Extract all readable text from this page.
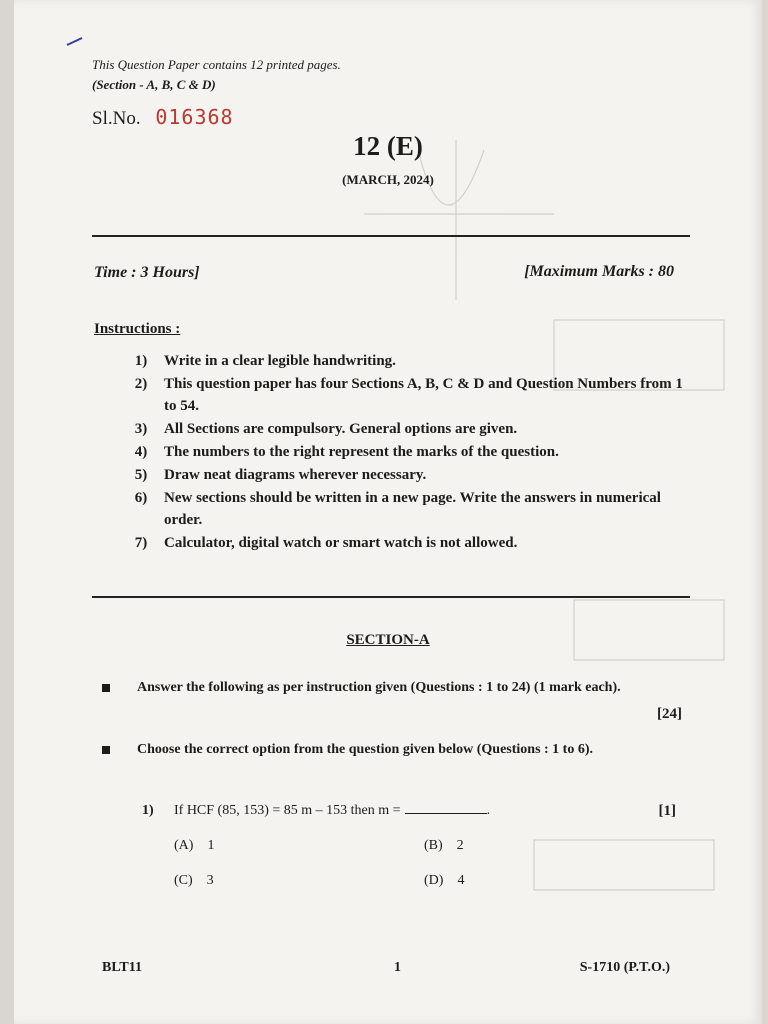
This Question Paper contains 12 printed pages.
(Section - A, B, C & D)
Sl.No. 016368
12 (E)
(MARCH, 2024)
Time : 3 Hours]	[Maximum Marks : 80
Instructions :
1)	Write in a clear legible handwriting.
2)	This question paper has four Sections A, B, C & D and Question Numbers from 1 to 54.
3)	All Sections are compulsory. General options are given.
4)	The numbers to the right represent the marks of the question.
5)	Draw neat diagrams wherever necessary.
6)	New sections should be written in a new page. Write the answers in numerical order.
7)	Calculator, digital watch or smart watch is not allowed.
SECTION-A
Answer the following as per instruction given (Questions : 1 to 24) (1 mark each).
[24]
Choose the correct option from the question given below (Questions : 1 to 6).
1) If HCF (85, 153) = 85 m – 153 then m =	.	[1]
(A) 1	(B) 2
(C) 3	(D) 4
BLT11	1	S-1710 (P.T.O.)
